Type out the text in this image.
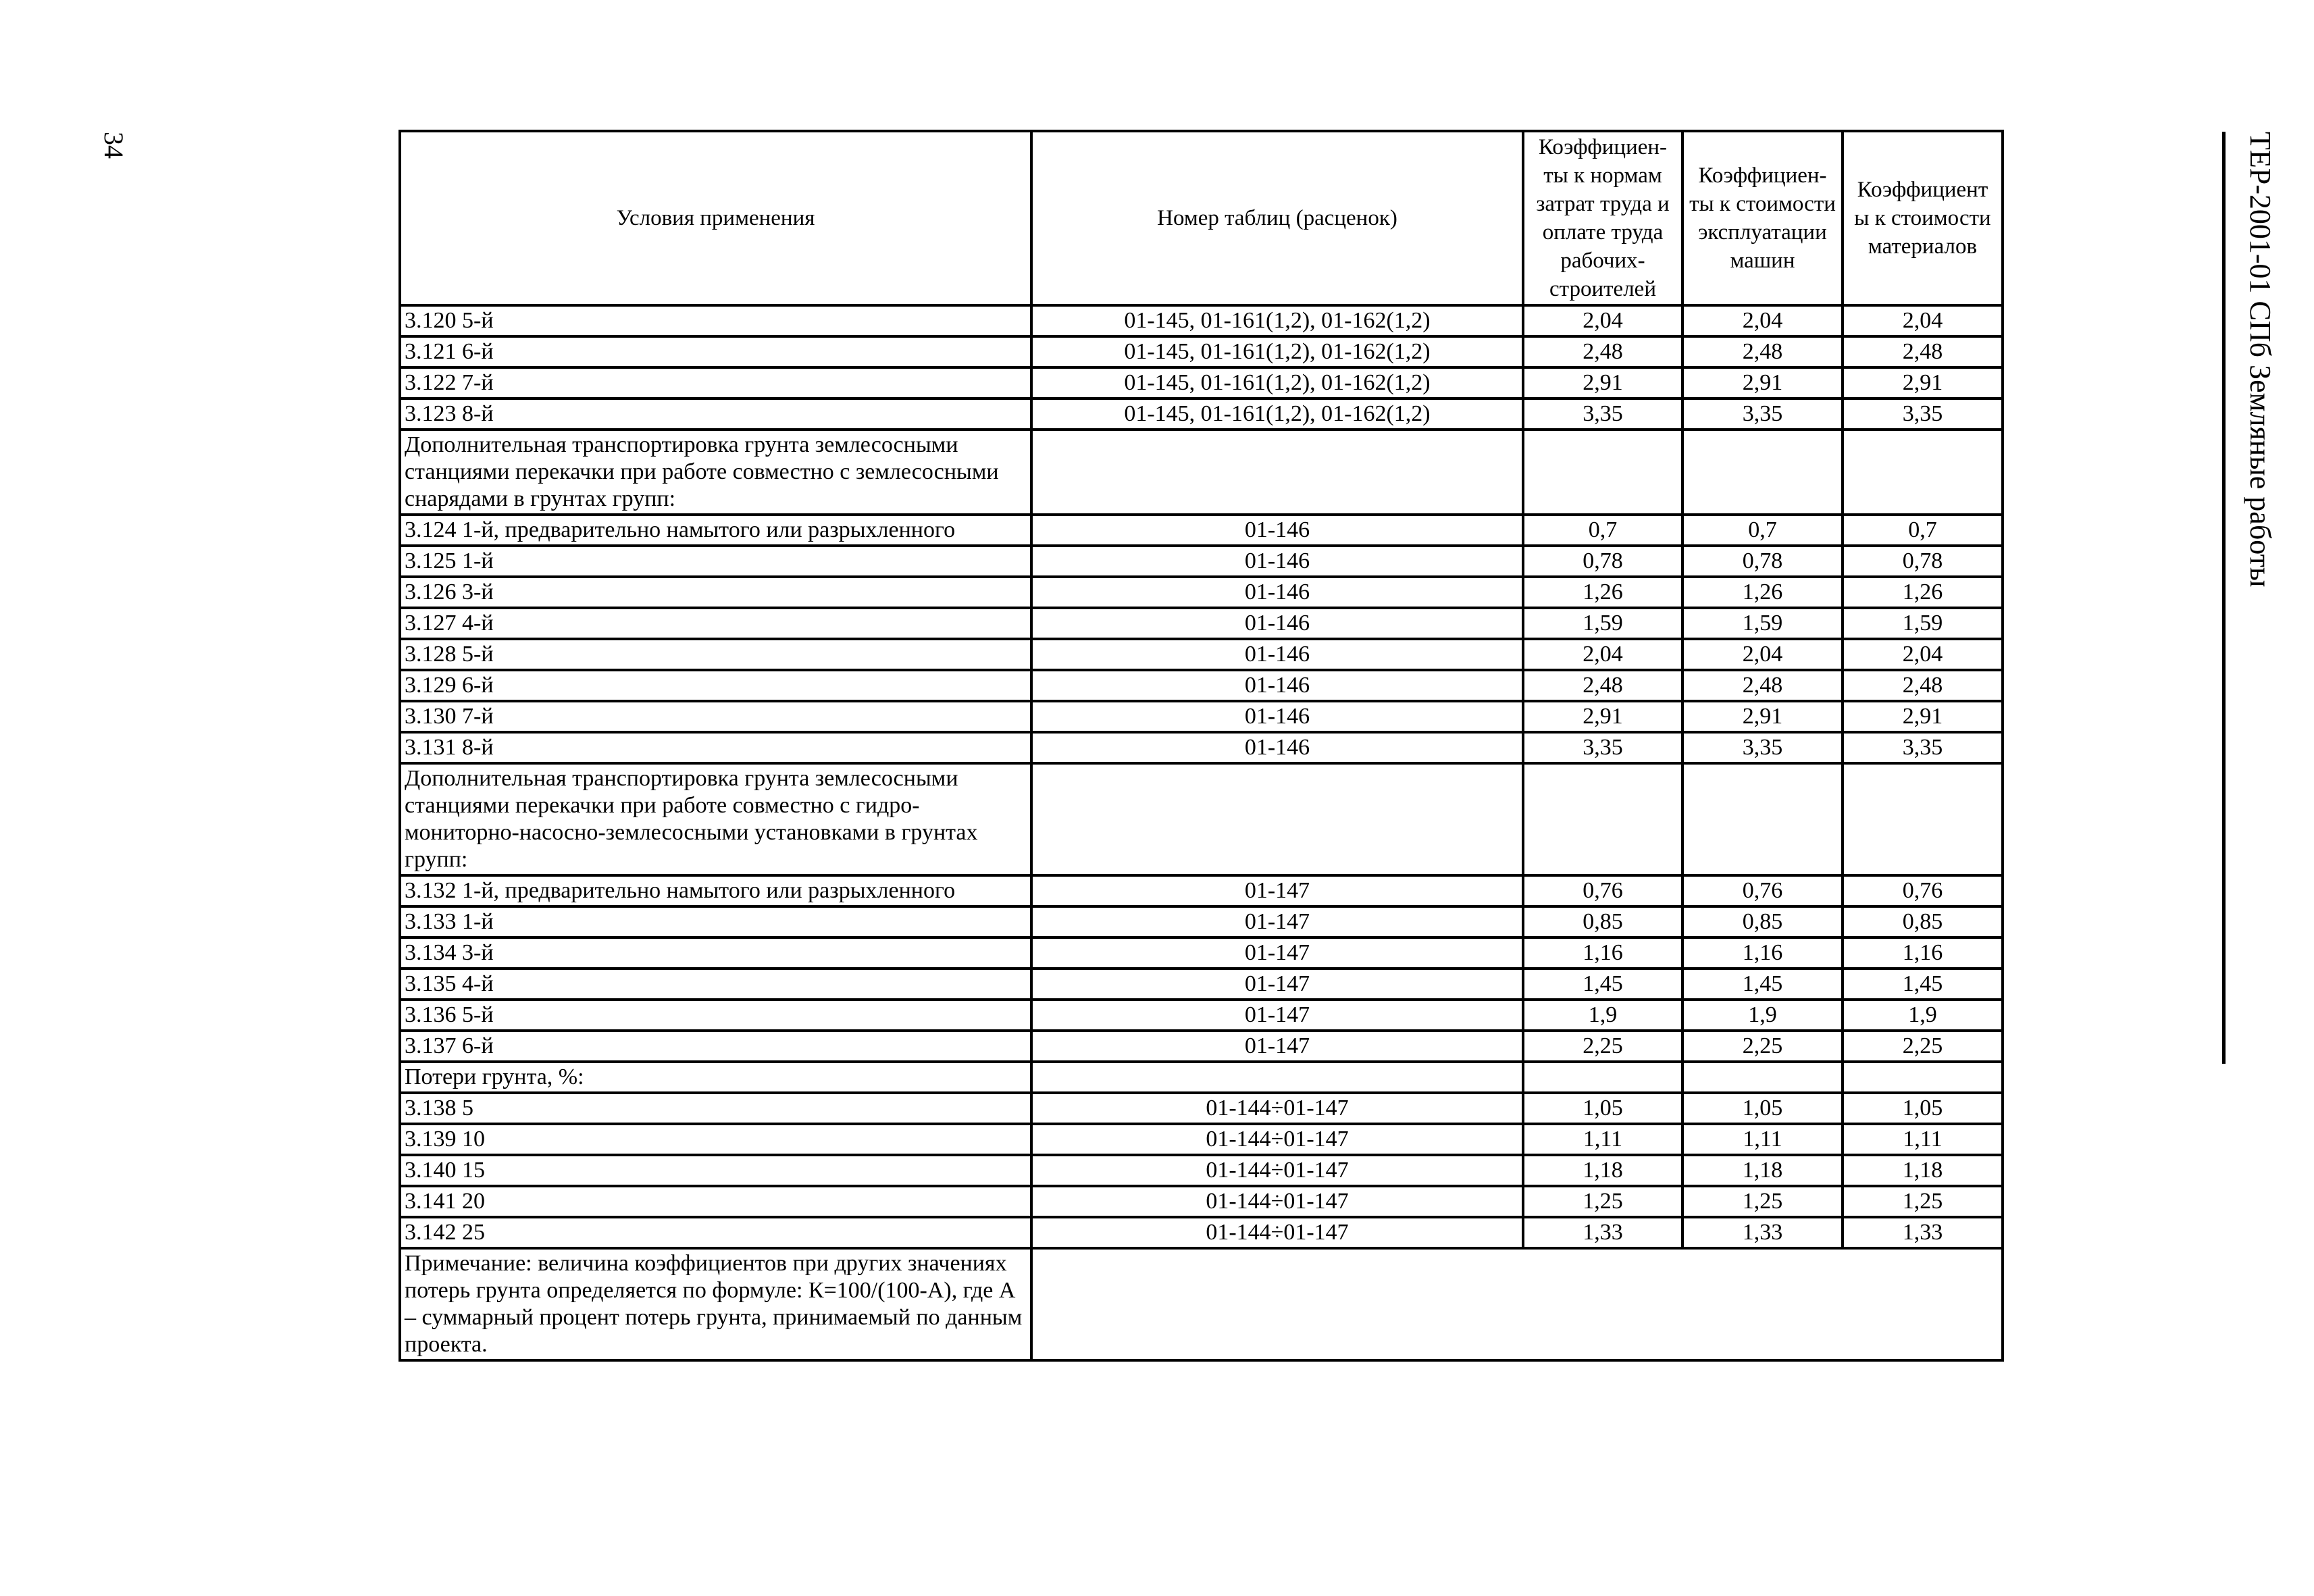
34	ТЕР-2001-01 СПб Земляные работы
Условия применения	Номер таблиц (расценок)	Коэффициен-ты к нормам затрат труда и оплате труда рабочих-строителей	Коэффициен-ты к стоимости эксплуатации машин	Коэффициент ы к стоимости материалов
3.120 5-й	01-145, 01-161(1,2), 01-162(1,2)	2,04	2,04	2,04
3.121 6-й	01-145, 01-161(1,2), 01-162(1,2)	2,48	2,48	2,48
3.122 7-й	01-145, 01-161(1,2), 01-162(1,2)	2,91	2,91	2,91
3.123 8-й	01-145, 01-161(1,2), 01-162(1,2)	3,35	3,35	3,35
Дополнительная транспортировка грунта землесосными станциями перекачки при работе совместно с землесосными снарядами в грунтах групп:				
3.124 1-й, предварительно намытого или разрыхленного	01-146	0,7	0,7	0,7
3.125 1-й	01-146	0,78	0,78	0,78
3.126 3-й	01-146	1,26	1,26	1,26
3.127 4-й	01-146	1,59	1,59	1,59
3.128 5-й	01-146	2,04	2,04	2,04
3.129 6-й	01-146	2,48	2,48	2,48
3.130 7-й	01-146	2,91	2,91	2,91
3.131 8-й	01-146	3,35	3,35	3,35
Дополнительная транспортировка грунта землесосными станциями перекачки при работе совместно с гидро-мониторно-насосно-землесосными установками в грунтах групп:				
3.132 1-й, предварительно намытого или разрыхленного	01-147	0,76	0,76	0,76
3.133 1-й	01-147	0,85	0,85	0,85
3.134 3-й	01-147	1,16	1,16	1,16
3.135 4-й	01-147	1,45	1,45	1,45
3.136 5-й	01-147	1,9	1,9	1,9
3.137 6-й	01-147	2,25	2,25	2,25
Потери грунта, %:				
3.138 5	01-144÷01-147	1,05	1,05	1,05
3.139 10	01-144÷01-147	1,11	1,11	1,11
3.140 15	01-144÷01-147	1,18	1,18	1,18
3.141 20	01-144÷01-147	1,25	1,25	1,25
3.142 25	01-144÷01-147	1,33	1,33	1,33
Примечание: величина коэффициентов при других значениях потерь грунта определяется по формуле: К=100/(100-А), где А – суммарный процент потерь грунта, принимаемый по данным проекта.				
